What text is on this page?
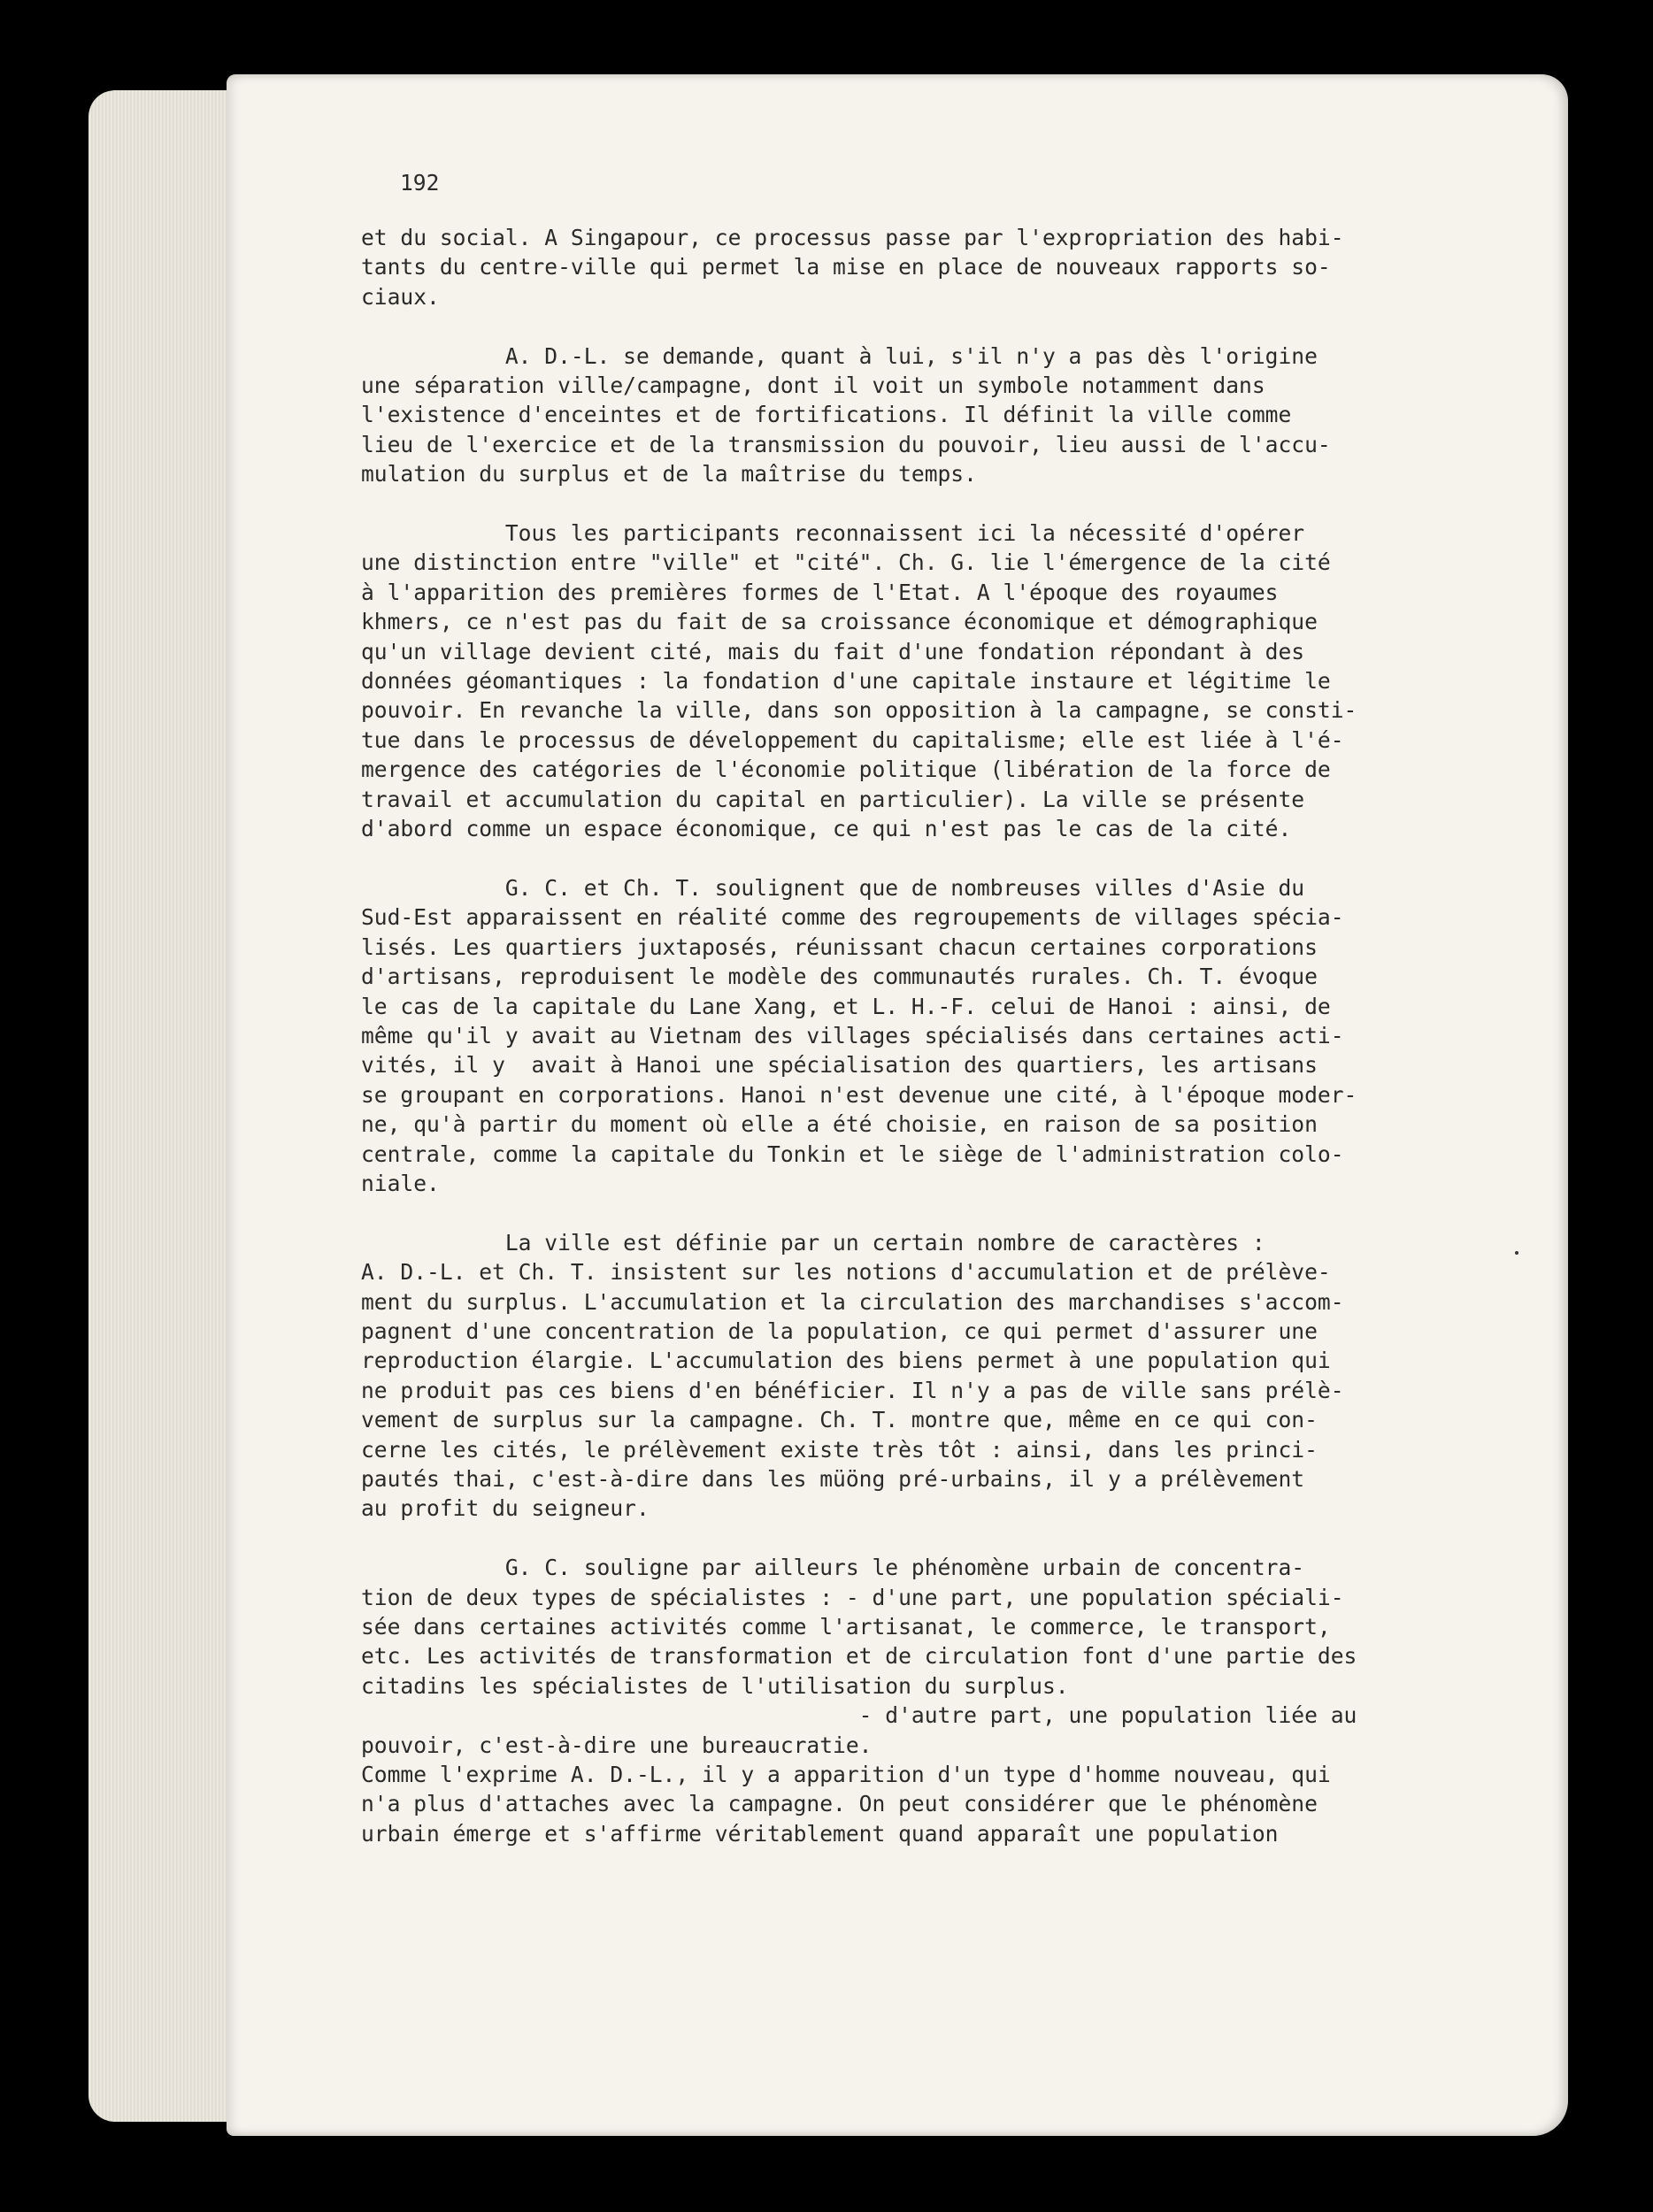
192
et du social. A Singapour, ce processus passe par l'expropriation des habi-
tants du centre-ville qui permet la mise en place de nouveaux rapports so-
ciaux.
A. D.-L. se demande, quant à lui, s'il n'y a pas dès l'origine
une séparation ville/campagne, dont il voit un symbole notamment dans
l'existence d'enceintes et de fortifications. Il définit la ville comme
lieu de l'exercice et de la transmission du pouvoir, lieu aussi de l'accu-
mulation du surplus et de la maîtrise du temps.
Tous les participants reconnaissent ici la nécessité d'opérer
une distinction entre "ville" et "cité". Ch. G. lie l'émergence de la cité
à l'apparition des premières formes de l'Etat. A l'époque des royaumes
khmers, ce n'est pas du fait de sa croissance économique et démographique
qu'un village devient cité, mais du fait d'une fondation répondant à des
données géomantiques : la fondation d'une capitale instaure et légitime le
pouvoir. En revanche la ville, dans son opposition à la campagne, se consti-
tue dans le processus de développement du capitalisme; elle est liée à l'é-
mergence des catégories de l'économie politique (libération de la force de
travail et accumulation du capital en particulier). La ville se présente
d'abord comme un espace économique, ce qui n'est pas le cas de la cité.
G. C. et Ch. T. soulignent que de nombreuses villes d'Asie du
Sud-Est apparaissent en réalité comme des regroupements de villages spécia-
lisés. Les quartiers juxtaposés, réunissant chacun certaines corporations
d'artisans, reproduisent le modèle des communautés rurales. Ch. T. évoque
le cas de la capitale du Lane Xang, et L. H.-F. celui de Hanoi : ainsi, de
même qu'il y avait au Vietnam des villages spécialisés dans certaines acti-
vités, il y  avait à Hanoi une spécialisation des quartiers, les artisans
se groupant en corporations. Hanoi n'est devenue une cité, à l'époque moder-
ne, qu'à partir du moment où elle a été choisie, en raison de sa position
centrale, comme la capitale du Tonkin et le siège de l'administration colo-
niale.
La ville est définie par un certain nombre de caractères :
A. D.-L. et Ch. T. insistent sur les notions d'accumulation et de prélève-
ment du surplus. L'accumulation et la circulation des marchandises s'accom-
pagnent d'une concentration de la population, ce qui permet d'assurer une
reproduction élargie. L'accumulation des biens permet à une population qui
ne produit pas ces biens d'en bénéficier. Il n'y a pas de ville sans prélè-
vement de surplus sur la campagne. Ch. T. montre que, même en ce qui con-
cerne les cités, le prélèvement existe très tôt : ainsi, dans les princi-
pautés thai, c'est-à-dire dans les müöng pré-urbains, il y a prélèvement
au profit du seigneur.
G. C. souligne par ailleurs le phénomène urbain de concentra-
tion de deux types de spécialistes : - d'une part, une population spéciali-
sée dans certaines activités comme l'artisanat, le commerce, le transport,
etc. Les activités de transformation et de circulation font d'une partie des
citadins les spécialistes de l'utilisation du surplus.
- d'autre part, une population liée au
pouvoir, c'est-à-dire une bureaucratie.
Comme l'exprime A. D.-L., il y a apparition d'un type d'homme nouveau, qui
n'a plus d'attaches avec la campagne. On peut considérer que le phénomène
urbain émerge et s'affirme véritablement quand apparaît une population
